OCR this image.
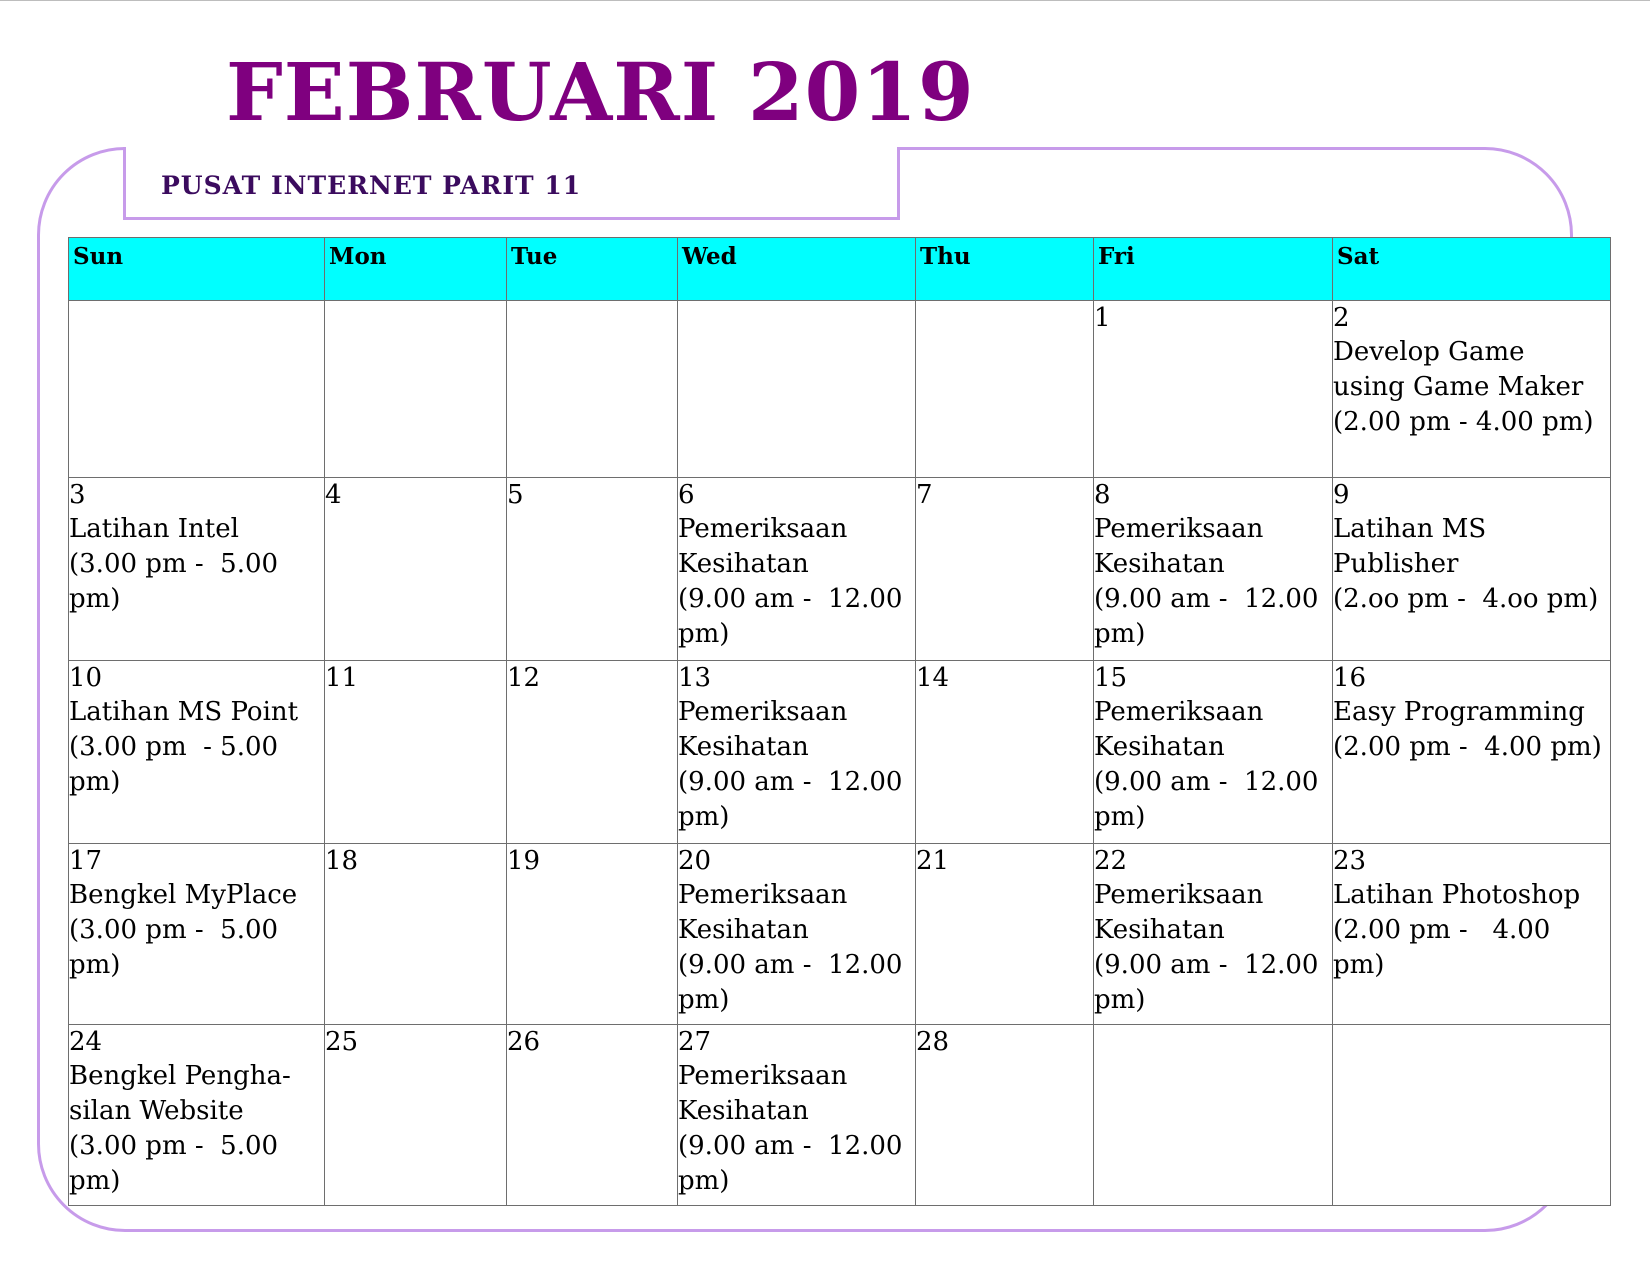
FEBRUARI 2019
PUSAT INTERNET PARIT 11
Sun	Mon	Tue	Wed	Thu	Fri	Sat

					1	2
Develop Game
using Game Maker
(2.00 pm - 4.00 pm)

3
Latihan Intel
(3.00 pm -  5.00
pm)	4	5	6
Pemeriksaan
Kesihatan
(9.00 am -  12.00
pm)	7	8
Pemeriksaan
Kesihatan
(9.00 am -  12.00
pm)	9
Latihan MS
Publisher
(2.oo pm -  4.oo pm)

10
Latihan MS Point
(3.00 pm  - 5.00
pm)	11	12	13
Pemeriksaan
Kesihatan
(9.00 am -  12.00
pm)	14	15
Pemeriksaan
Kesihatan
(9.00 am -  12.00
pm)	16
Easy Programming
(2.00 pm -  4.00 pm)

17
Bengkel MyPlace
(3.00 pm -  5.00
pm)	18	19	20
Pemeriksaan
Kesihatan
(9.00 am -  12.00
pm)	21	22
Pemeriksaan
Kesihatan
(9.00 am -  12.00
pm)	23
Latihan Photoshop
(2.00 pm -   4.00
pm)

24
Bengkel Pengha-
silan Website
(3.00 pm -  5.00
pm)	25	26	27
Pemeriksaan
Kesihatan
(9.00 am -  12.00
pm)	28		
